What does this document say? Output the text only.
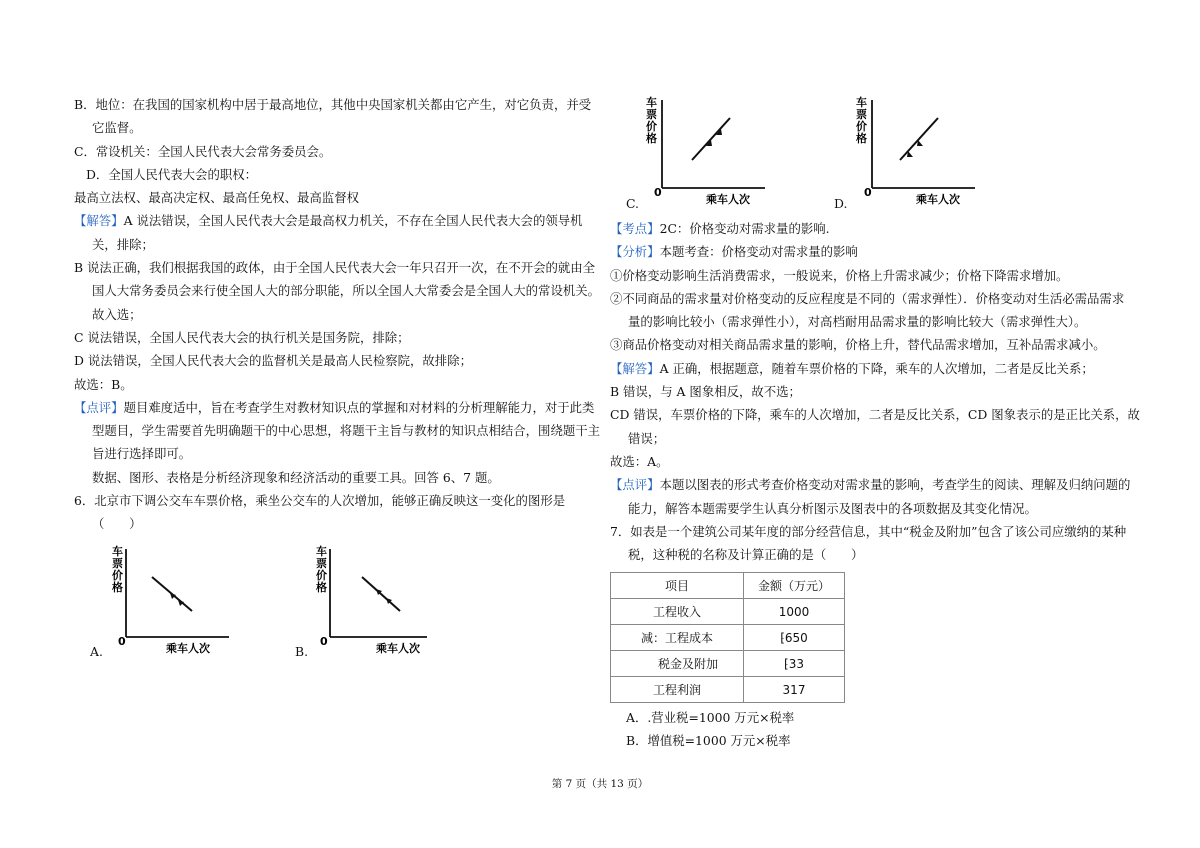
B．地位：在我国的国家机构中居于最高地位，其他中央国家机关都由它产生，对它负责，并受
它监督。
C．常设机关：全国人民代表大会常务委员会。
D．全国人民代表大会的职权：
最高立法权、最高决定权、最高任免权、最高监督权
【解答】A 说法错误，全国人民代表大会是最高权力机关，不存在全国人民代表大会的领导机
关，排除；
B 说法正确，我们根据我国的政体，由于全国人民代表大会一年只召开一次，在不开会的就由全
国人大常务委员会来行使全国人大的部分职能，所以全国人大常委会是全国人大的常设机关。
故入选；
C 说法错误，全国人民代表大会的执行机关是国务院，排除；
D 说法错误，全国人民代表大会的监督机关是最高人民检察院，故排除；
故选：B。
【点评】题目难度适中，旨在考查学生对教材知识点的掌握和对材料的分析理解能力，对于此类
型题目，学生需要首先明确题干的中心思想，将题干主旨与教材的知识点相结合，围绕题干主
旨进行选择即可。
数据、图形、表格是分析经济现象和经济活动的重要工具。回答 6、7 题。
6．北京市下调公交车车票价格，乘坐公交车的人次增加，能够正确反映这一变化的图形是
（　　）
车
票
价
格
0
乘车人次
A.
车
票
价
格
0
乘车人次
B.
车
票
价
格
0
乘车人次
C.
车
票
价
格
0
乘车人次
D.
【考点】2C：价格变动对需求量的影响.
【分析】本题考查：价格变动对需求量的影响
①价格变动影响生活消费需求，一般说来，价格上升需求减少；价格下降需求增加。
②不同商品的需求量对价格变动的反应程度是不同的（需求弹性）．价格变动对生活必需品需求
量的影响比较小（需求弹性小），对高档耐用品需求量的影响比较大（需求弹性大）。
③商品价格变动对相关商品需求量的影响，价格上升，替代品需求增加，互补品需求减小。
【解答】A 正确，根据题意，随着车票价格的下降，乘车的人次增加，二者是反比关系；
B 错误，与 A 图象相反，故不选；
CD 错误，车票价格的下降，乘车的人次增加，二者是反比关系，CD 图象表示的是正比关系，故
错误；
故选：A。
【点评】本题以图表的形式考查价格变动对需求量的影响，考查学生的阅读、理解及归纳问题的
能力，解答本题需要学生认真分析图示及图表中的各项数据及其变化情况。
7．如表是一个建筑公司某年度的部分经营信息，其中“税金及附加”包含了该公司应缴纳的某种
税，这种税的名称及计算正确的是（　　）
项目	金额（万元）
工程收入	1000
减：工程成本	⁅650
税金及附加	⁅33
工程利润	317
A．.营业税=1000 万元×税率
B．增值税=1000 万元×税率
第 7 页（共 13 页）
